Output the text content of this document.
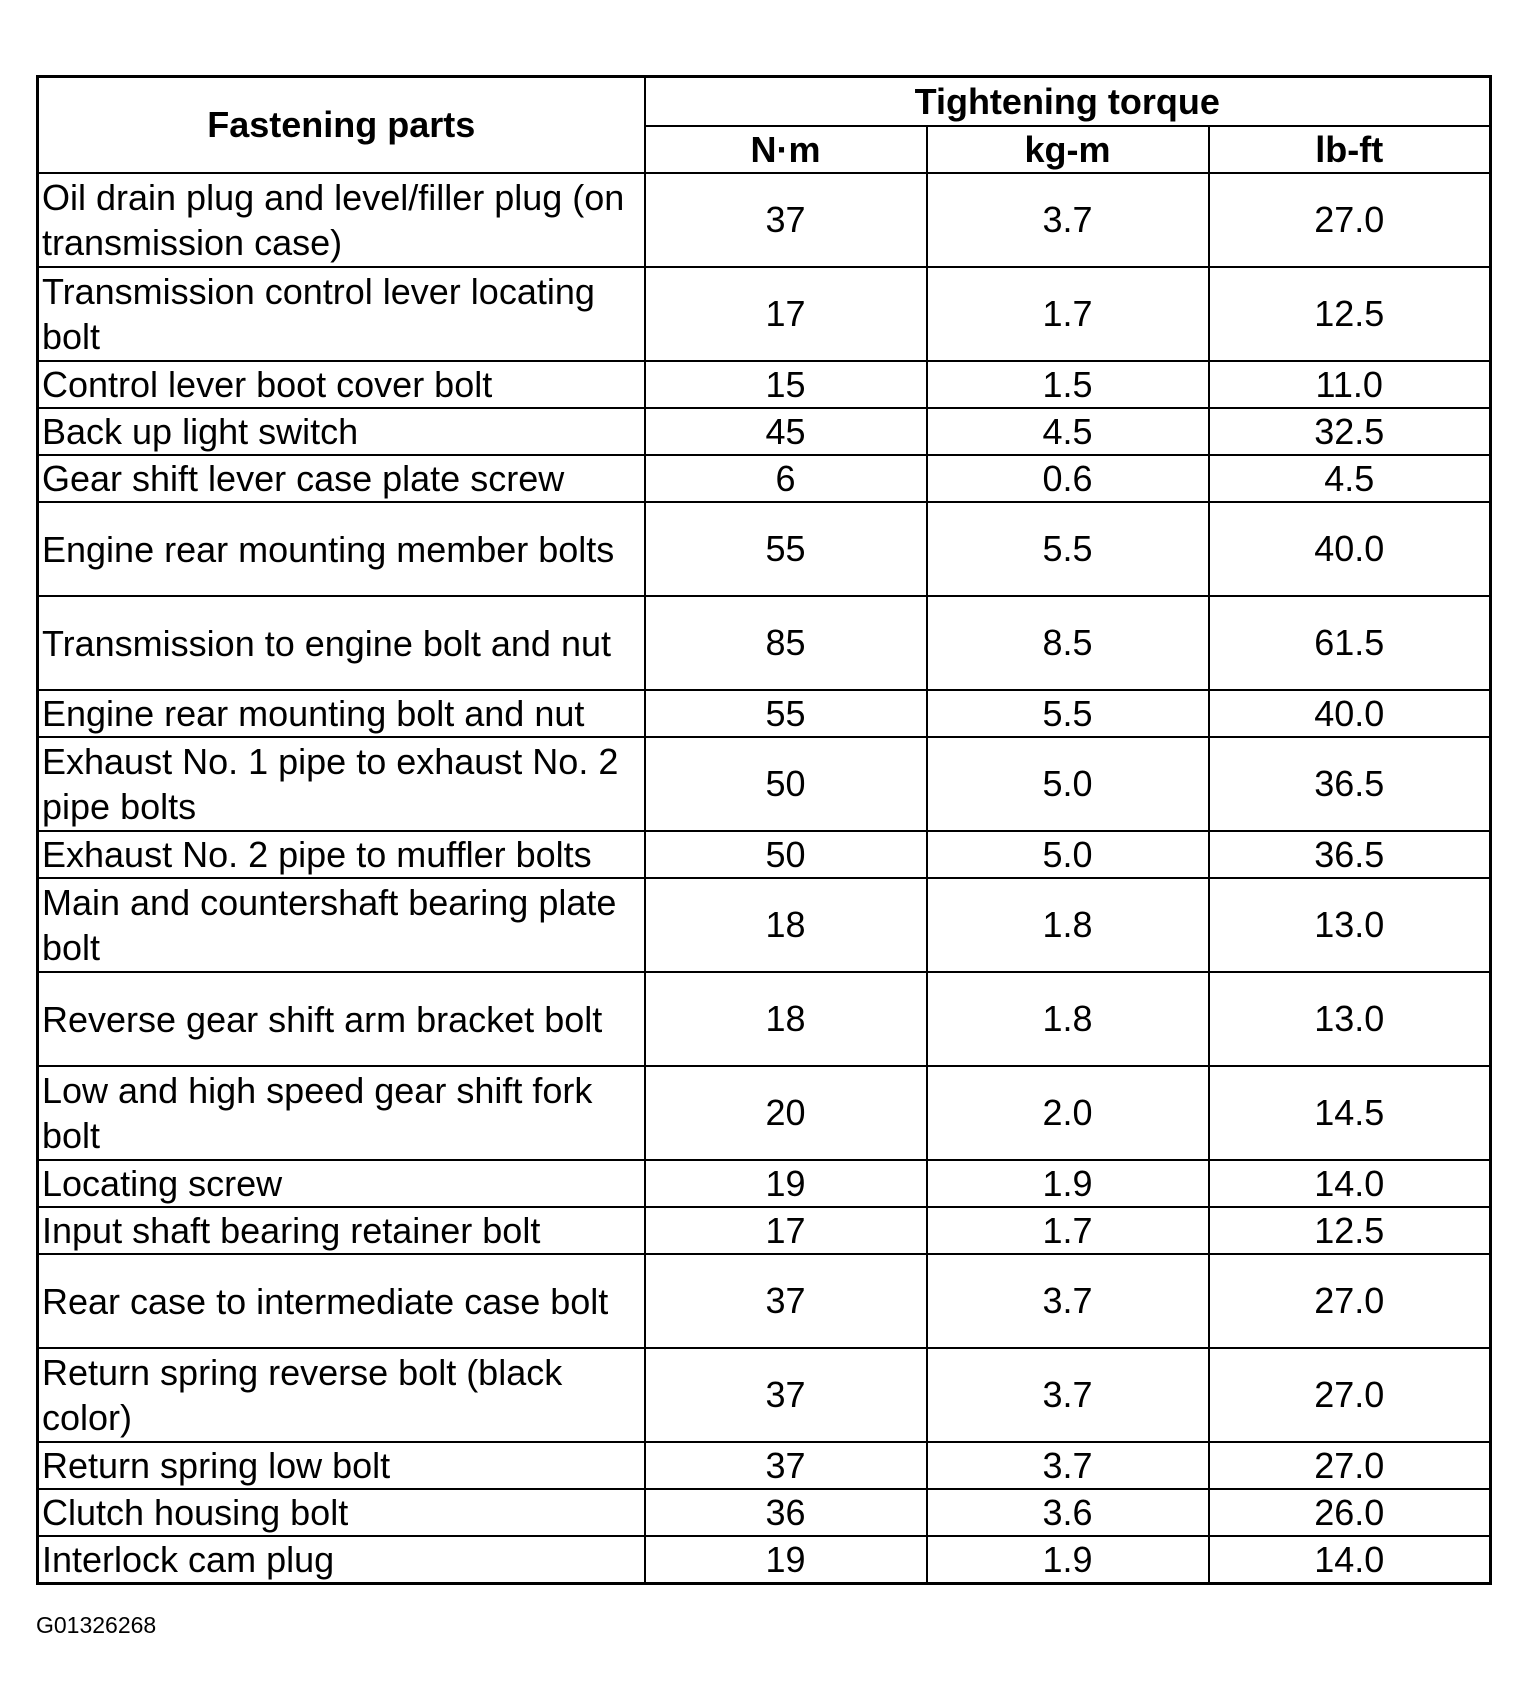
Fastening parts	Tightening torque		
	N·m	kg-m	lb-ft
Oil drain plug and level/filler plug (on transmission case)	37	3.7	27.0
Transmission control lever locating bolt	17	1.7	12.5
Control lever boot cover bolt	15	1.5	11.0
Back up light switch	45	4.5	32.5
Gear shift lever case plate screw	6	0.6	4.5
Engine rear mounting member bolts	55	5.5	40.0
Transmission to engine bolt and nut	85	8.5	61.5
Engine rear mounting bolt and nut	55	5.5	40.0
Exhaust No. 1 pipe to exhaust No. 2 pipe bolts	50	5.0	36.5
Exhaust No. 2 pipe to muffler bolts	50	5.0	36.5
Main and countershaft bearing plate bolt	18	1.8	13.0
Reverse gear shift arm bracket bolt	18	1.8	13.0
Low and high speed gear shift fork bolt	20	2.0	14.5
Locating screw	19	1.9	14.0
Input shaft bearing retainer bolt	17	1.7	12.5
Rear case to intermediate case bolt	37	3.7	27.0
Return spring reverse bolt (black color)	37	3.7	27.0
Return spring low bolt	37	3.7	27.0
Clutch housing bolt	36	3.6	26.0
Interlock cam plug	19	1.9	14.0
G01326268
